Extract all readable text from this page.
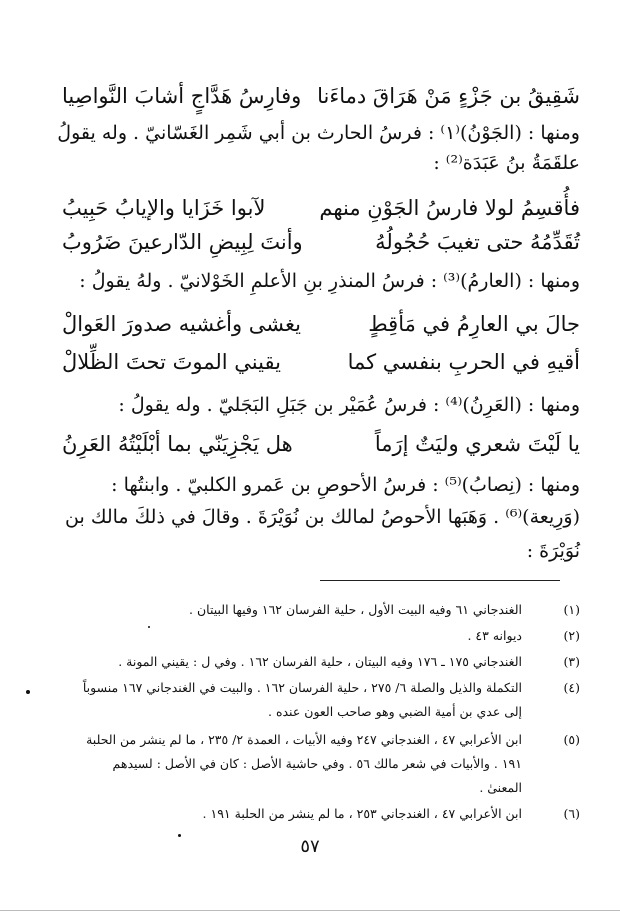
شَقِيقُ بن جَزْءٍ مَنْ هَرَاقَ دماءَنا
وفارِسُ هَدَّاجٍ أشابَ النَّواصِيا
ومنها : (الجَوْنُ)⁽١⁾ : فرسُ الحارث بن أبي شَمِر الغَسّانيّ . وله يقولُ
علقَمَةُ بنُ عَبَدَة⁽²⁾ :
فأُقسِمُ لولا فارسُ الجَوْنِ منهم
لآبوا خَزَايا والإيابُ حَبِيبُ
تُقَدِّمُهُ حتى تغيبَ حُجُولُهُ
وأنتَ لِبِيضِ الدّارعينَ ضَرُوبُ
ومنها : (العارمُ)⁽³⁾ : فرسُ المنذرِ بنِ الأعلمِ الخَوْلانيّ . ولهُ يقولُ :
جالَ بي العارِمُ في مَأقِطٍ
يغشى وأغشيه صدورَ العَوالْ
أقيهِ في الحربِ بنفسي كما
يقيني الموتَ تحتَ الظِّلالْ
ومنها : (العَرِنُ)⁽⁴⁾ : فرسُ عُمَيْر بن جَبَلِ البَجَليّ . وله يقولُ :
يا لَيْتَ شعري وليَتٌ إرَماً
هل يَجْزِيَنّي بما أبْلَيْتُهُ العَرِنُ
ومنها : (نِصابُ)⁽⁵⁾ : فرسُ الأحوصِ بن عَمرو الكلبيّ . وابنتُها :
(وَرِيعة)⁽⁶⁾ . وَهَبَها الأحوصُ لمالك بن نُوَيْرَةَ . وقالَ في ذلكَ مالك بن
نُوَيْرَةَ :
(١)
الغندجاني ٦١ وفيه البيت الأول ، حلية الفرسان ١٦٢ وفيها البيتان .
(٢)
ديوانه ٤٣ .
(٣)
الغندجاني ١٧٥ ـ ١٧٦ وفيه البيتان ، حلية الفرسان ١٦٢ . وفي ل : يقيني المونة .
(٤)
التكملة والذيل والصلة ٦/ ٢٧٥ ، حلية الفرسان ١٦٢ . والبيت في الغندجاني ١٦٧ منسوباً
إلى عدي بن أمية الضبي وهو صاحب العون عنده .
(٥)
ابن الأعرابي ٤٧ ، الغندجاني ٢٤٧ وفيه الأبيات ، العمدة ٢/ ٢٣٥ ، ما لم ينشر من الحلبة
١٩١ . والأبيات في شعر مالك ٥٦ . وفي حاشية الأصل : كان في الأصل : لسيدهم
المعنىٰ .
(٦)
ابن الأعرابي ٤٧ ، الغندجاني ٢٥٣ ، ما لم ينشر من الحلبة ١٩١ .
٥٧
